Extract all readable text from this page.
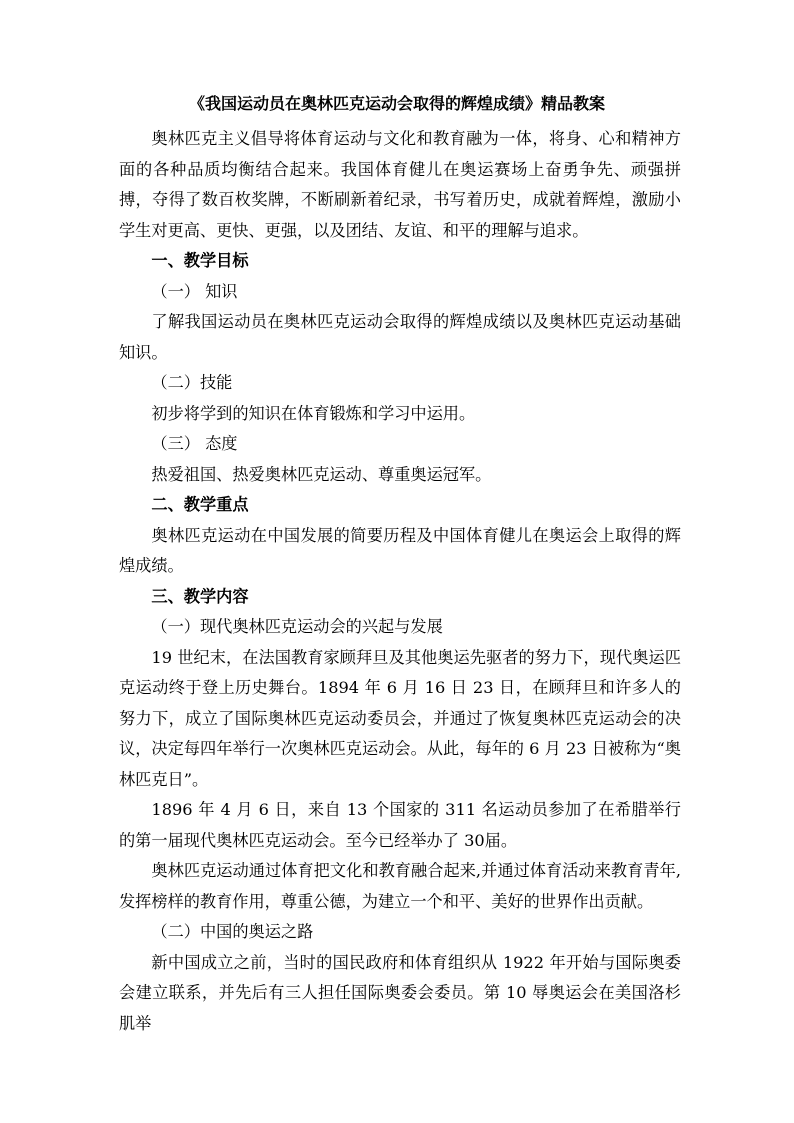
《我国运动员在奥林匹克运动会取得的辉煌成绩》精品教案

奥林匹克主义倡导将体育运动与文化和教育融为一体，将身、心和精神方面的各种品质均衡结合起来。我国体育健儿在奥运赛场上奋勇争先、顽强拼搏，夺得了数百枚奖牌，不断刷新着纪录，书写着历史，成就着辉煌，激励小学生对更高、更快、更强，以及团结、友谊、和平的理解与追求。

一、教学目标

（一） 知识

了解我国运动员在奥林匹克运动会取得的辉煌成绩以及奥林匹克运动基础知识。

（二）技能

初步将学到的知识在体育锻炼和学习中运用。

（三） 态度

热爱祖国、热爱奥林匹克运动、尊重奥运冠军。

二、教学重点

奥林匹克运动在中国发展的简要历程及中国体育健儿在奥运会上取得的辉煌成绩。

三、教学内容

（一）现代奥林匹克运动会的兴起与发展

19 世纪末，在法国教育家顾拜旦及其他奥运先驱者的努力下，现代奥运匹克运动终于登上历史舞台。1894 年 6 月 16 日 23 日，在顾拜旦和许多人的努力下，成立了国际奥林匹克运动委员会，并通过了恢复奥林匹克运动会的决议，决定每四年举行一次奥林匹克运动会。从此，每年的 6 月 23 日被称为“奥林匹克日”。

1896 年 4 月 6 日，来自 13 个国家的 311 名运动员参加了在希腊举行的第一届现代奥林匹克运动会。至今已经举办了 30届。

奥林匹克运动通过体育把文化和教育融合起来,并通过体育活动来教育青年,发挥榜样的教育作用，尊重公德，为建立一个和平、美好的世界作出贡献。

（二）中国的奥运之路

新中国成立之前，当时的国民政府和体育组织从 1922 年开始与国际奥委会建立联系，并先后有三人担任国际奥委会委员。第 10 辱奥运会在美国洛杉肌举
